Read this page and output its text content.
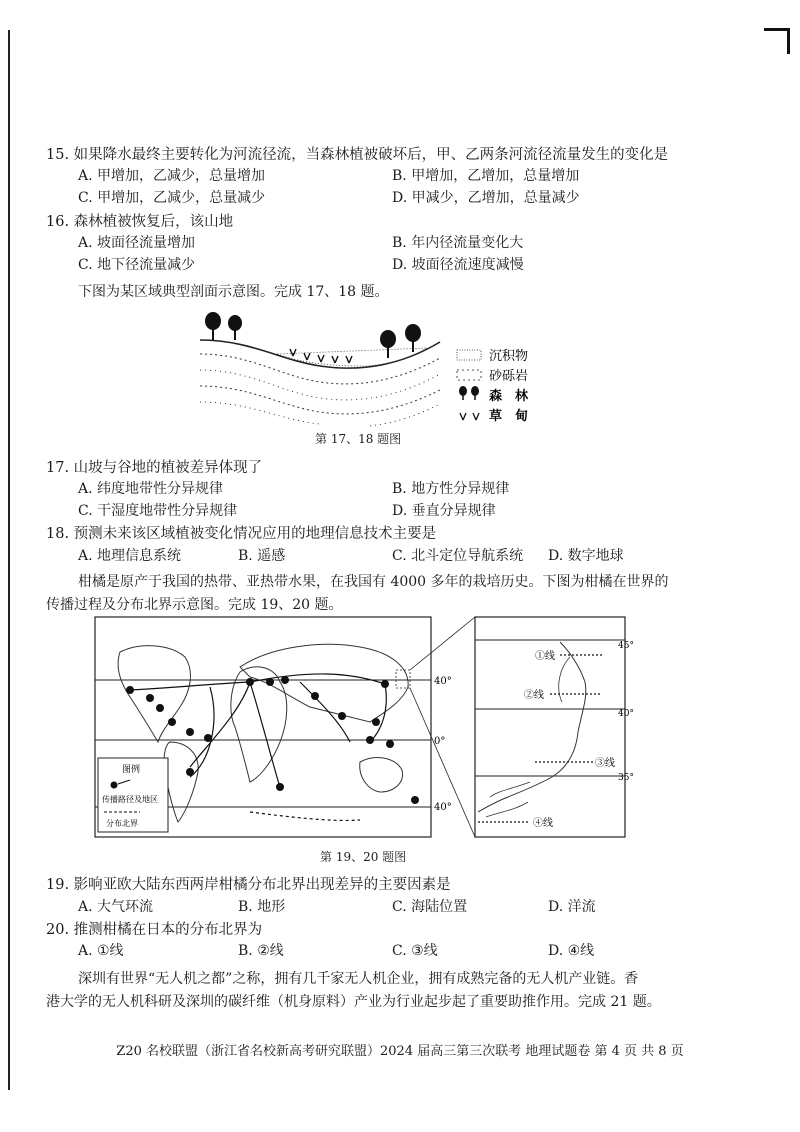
15. 如果降水最终主要转化为河流径流，当森林植被破坏后，甲、乙两条河流径流量发生的变化是
A. 甲增加，乙减少，总量增加	B. 甲增加，乙增加，总量增加
C. 甲增加，乙减少，总量减少	D. 甲减少，乙增加，总量减少
16. 森林植被恢复后，该山地
A. 坡面径流量增加	B. 年内径流量变化大
C. 地下径流量减少	D. 坡面径流速度减慢
下图为某区域典型剖面示意图。完成 17、18 题。
沉积物
砂砾岩
森　林
草　甸
第 17、18 题图
17. 山坡与谷地的植被差异体现了
A. 纬度地带性分异规律	B. 地方性分异规律
C. 干湿度地带性分异规律	D. 垂直分异规律
18. 预测未来该区域植被变化情况应用的地理信息技术主要是
A. 地理信息系统	B. 遥感	C. 北斗定位导航系统 D. 数字地球
柑橘是原产于我国的热带、亚热带水果，在我国有 4000 多年的栽培历史。下图为柑橘在世界的
传播过程及分布北界示意图。完成 19、20 题。
40°
0°
40°
图例
传播路径及地区
分布北界
45°
40°
35°
①线
②线
③线
④线
第 19、20 题图
19. 影响亚欧大陆东西两岸柑橘分布北界出现差异的主要因素是
A. 大气环流	B. 地形	C. 海陆位置	D. 洋流
20. 推测柑橘在日本的分布北界为
A. ①线	B. ②线	C. ③线	D. ④线
深圳有世界“无人机之都”之称，拥有几千家无人机企业，拥有成熟完备的无人机产业链。香
港大学的无人机科研及深圳的碳纤维（机身原料）产业为行业起步起了重要助推作用。完成 21 题。
Z20 名校联盟（浙江省名校新高考研究联盟）2024 届高三第三次联考 地理试题卷 第 4 页 共 8 页
